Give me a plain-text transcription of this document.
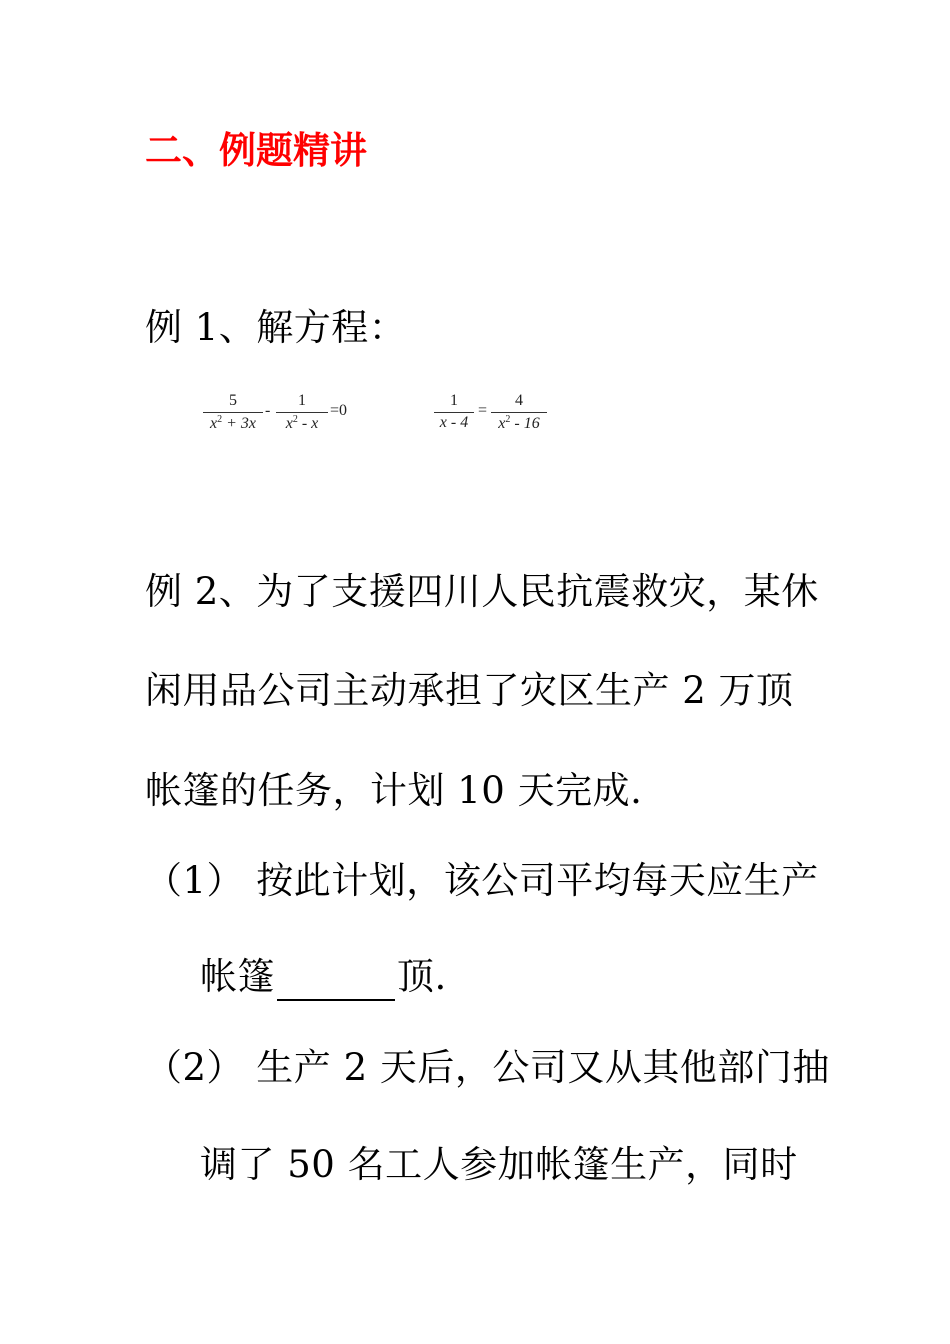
二、例题精讲
例 1、解方程：
$\frac{5}{x^2 + 3x} - \frac{1}{x^2 - x} =0$	$\frac{1}{x - 4} = \frac{4}{x^2 - 16}$
例 2、为了支援四川人民抗震救灾，某休
闲用品公司主动承担了灾区生产 2 万顶
帐篷的任务，计划 10 天完成.
（1） 按此计划，该公司平均每天应生产
帐篷	顶.
（2） 生产 2 天后，公司又从其他部门抽
调了 50 名工人参加帐篷生产，同时
